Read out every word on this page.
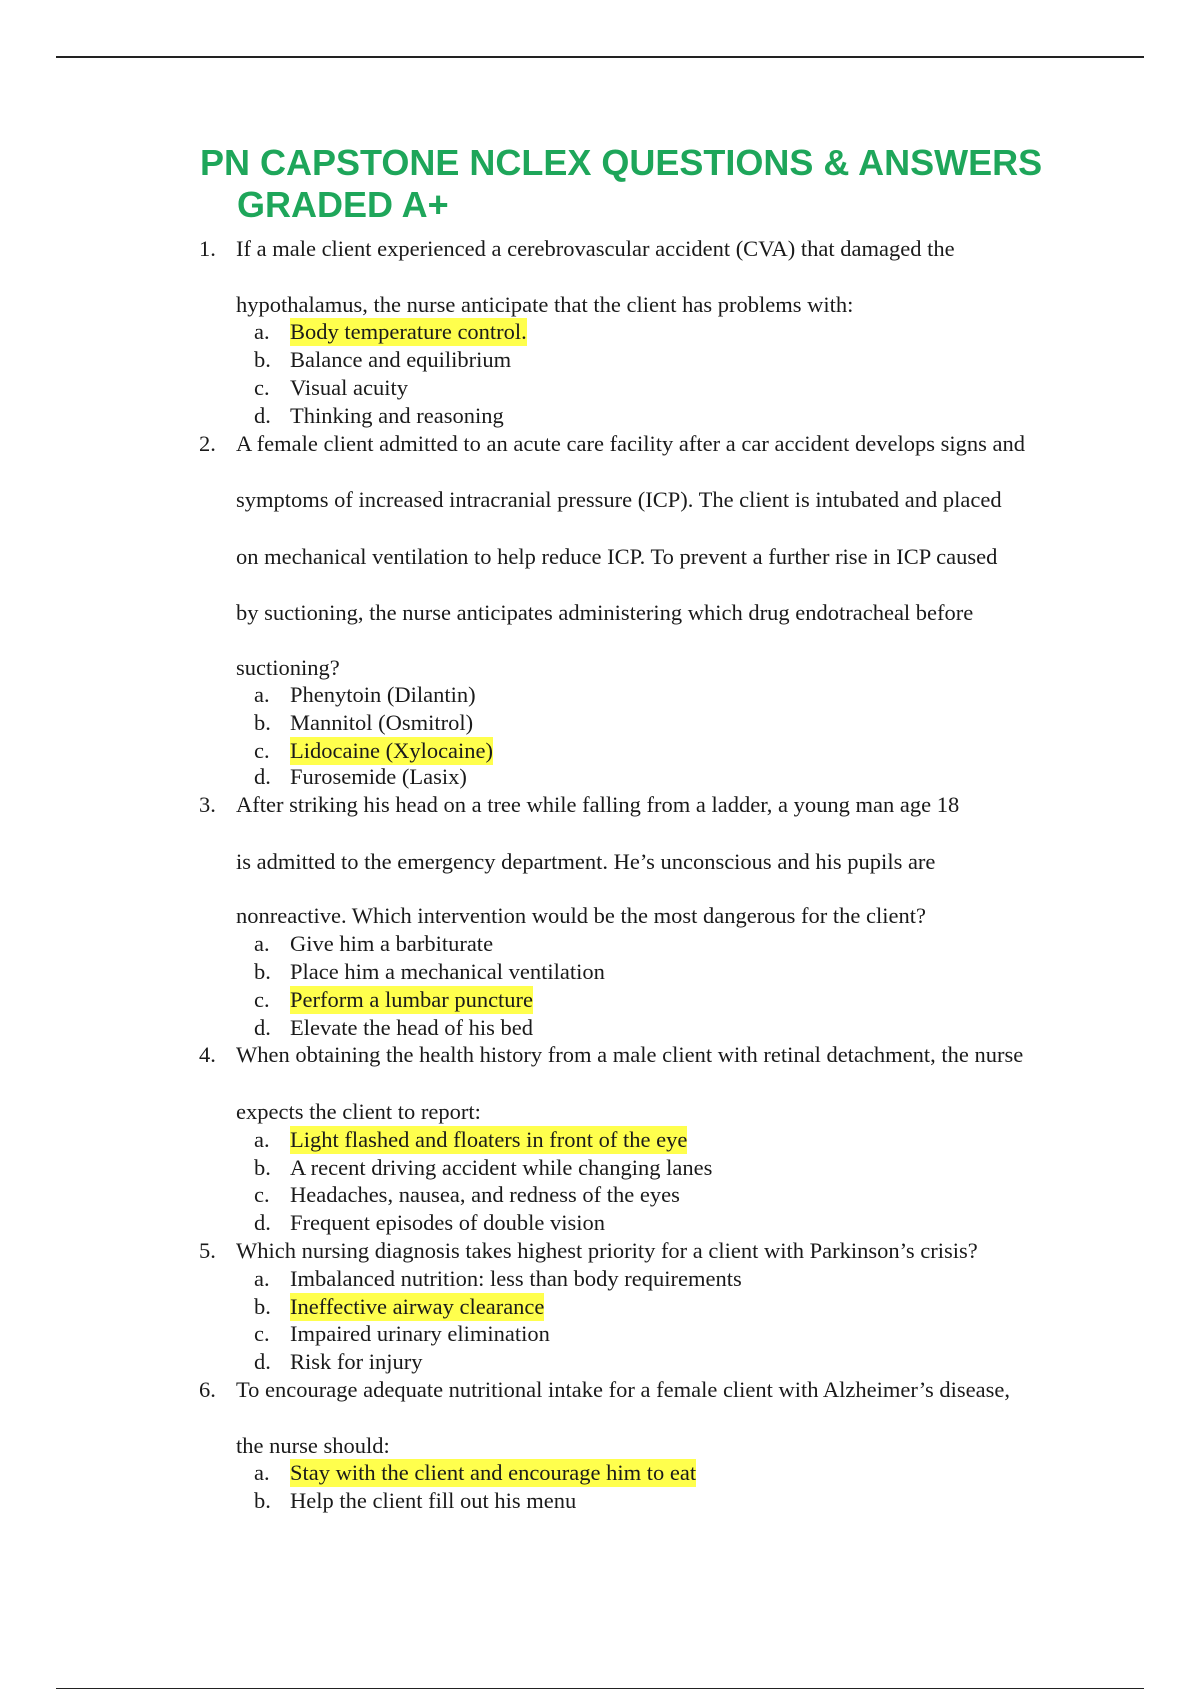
PN CAPSTONE NCLEX QUESTIONS & ANSWERS
GRADED A+
1. If a male client experienced a cerebrovascular accident (CVA) that damaged the
hypothalamus, the nurse anticipate that the client has problems with:
a. Body temperature control.
b. Balance and equilibrium
c. Visual acuity
d. Thinking and reasoning
2. A female client admitted to an acute care facility after a car accident develops signs and
symptoms of increased intracranial pressure (ICP). The client is intubated and placed
on mechanical ventilation to help reduce ICP. To prevent a further rise in ICP caused
by suctioning, the nurse anticipates administering which drug endotracheal before
suctioning?
a. Phenytoin (Dilantin)
b. Mannitol (Osmitrol)
c. Lidocaine (Xylocaine)
d. Furosemide (Lasix)
3. After striking his head on a tree while falling from a ladder, a young man age 18
is admitted to the emergency department. He’s unconscious and his pupils are
nonreactive. Which intervention would be the most dangerous for the client?
a. Give him a barbiturate
b. Place him a mechanical ventilation
c. Perform a lumbar puncture
d. Elevate the head of his bed
4. When obtaining the health history from a male client with retinal detachment, the nurse
expects the client to report:
a. Light flashed and floaters in front of the eye
b. A recent driving accident while changing lanes
c. Headaches, nausea, and redness of the eyes
d. Frequent episodes of double vision
5. Which nursing diagnosis takes highest priority for a client with Parkinson’s crisis?
a. Imbalanced nutrition: less than body requirements
b. Ineffective airway clearance
c. Impaired urinary elimination
d. Risk for injury
6. To encourage adequate nutritional intake for a female client with Alzheimer’s disease,
the nurse should:
a. Stay with the client and encourage him to eat
b. Help the client fill out his menu
